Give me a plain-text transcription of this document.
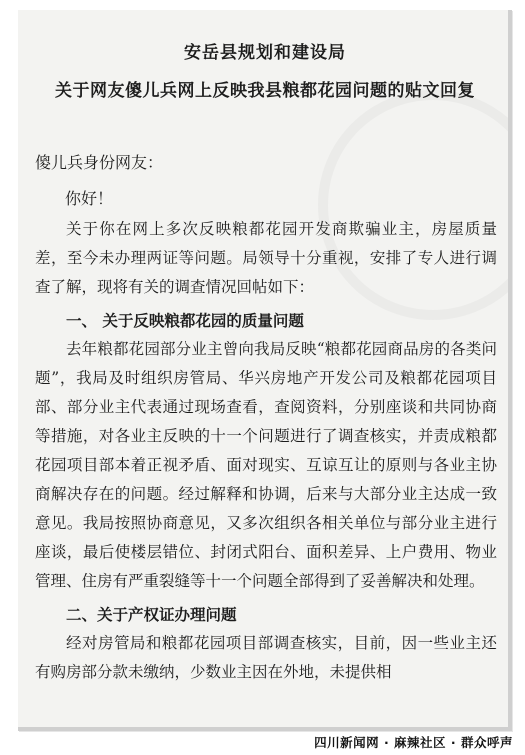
安岳县规划和建设局
关于网友傻儿兵网上反映我县粮都花园问题的贴文回复
傻儿兵身份网友：
你好！

关于你在网上多次反映粮都花园开发商欺骗业主，房屋质量差，至今未办理两证等问题。局领导十分重视，安排了专人进行调查了解，现将有关的调查情况回帖如下：

一、 关于反映粮都花园的质量问题

去年粮都花园部分业主曾向我局反映“粮都花园商品房的各类问题”，我局及时组织房管局、华兴房地产开发公司及粮都花园项目部、部分业主代表通过现场查看，查阅资料，分别座谈和共同协商等措施，对各业主反映的十一个问题进行了调查核实，并责成粮都花园项目部本着正视矛盾、面对现实、互谅互让的原则与各业主协商解决存在的问题。经过解释和协调，后来与大部分业主达成一致意见。我局按照协商意见，又多次组织各相关单位与部分业主进行座谈，最后使楼层错位、封闭式阳台、面积差异、上户费用、物业管理、住房有严重裂缝等十一个问题全部得到了妥善解决和处理。

二、关于产权证办理问题

经对房管局和粮都花园项目部调查核实，目前，因一些业主还有购房部分款未缴纳，少数业主因在外地，未提供相

四川新闻网 · 麻辣社区 · 群众呼声
